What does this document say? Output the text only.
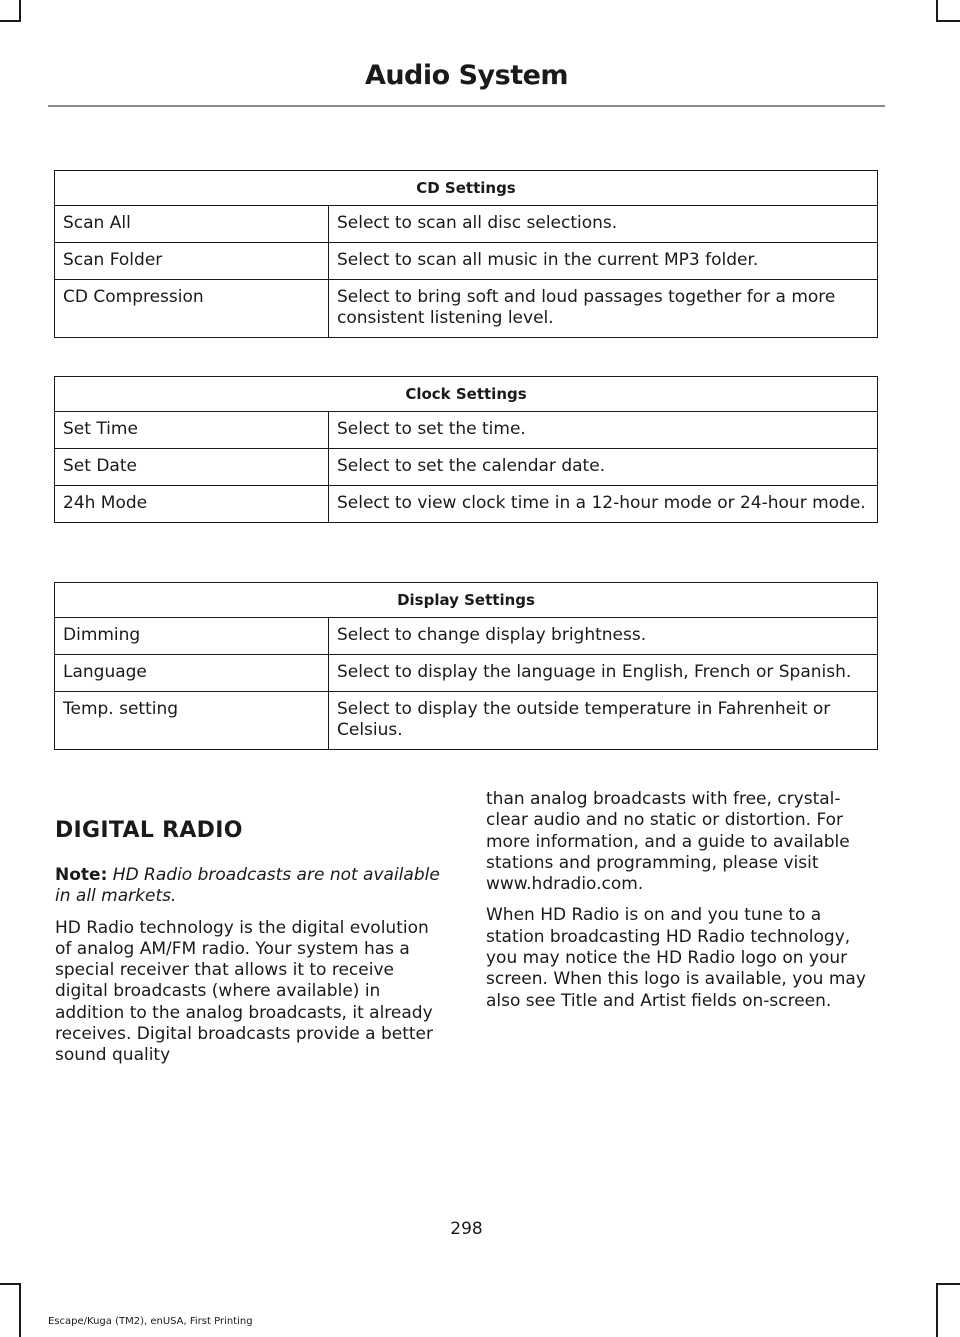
Audio System
CD Settings	
Scan All	Select to scan all disc selections.
Scan Folder	Select to scan all music in the current MP3 folder.
CD Compression	Select to bring soft and loud passages together for a more consistent listening level.
Clock Settings	
Set Time	Select to set the time.
Set Date	Select to set the calendar date.
24h Mode	Select to view clock time in a 12-hour mode or 24-hour mode.
Display Settings	
Dimming	Select to change display brightness.
Language	Select to display the language in English, French or Spanish.
Temp. setting	Select to display the outside temperature in Fahrenheit or Celsius.
DIGITAL RADIO

Note: HD Radio broadcasts are not available in all markets.

HD Radio technology is the digital evolution of analog AM/FM radio. Your system has a special receiver that allows it to receive digital broadcasts (where available) in addition to the analog broadcasts, it already receives. Digital broadcasts provide a better sound quality

than analog broadcasts with free, crystal-clear audio and no static or distortion. For more information, and a guide to available stations and programming, please visit www.hdradio.com.

When HD Radio is on and you tune to a station broadcasting HD Radio technology, you may notice the HD Radio logo on your screen. When this logo is available, you may also see Title and Artist fields on-screen.

298
Escape/Kuga (TM2), enUSA, First Printing
